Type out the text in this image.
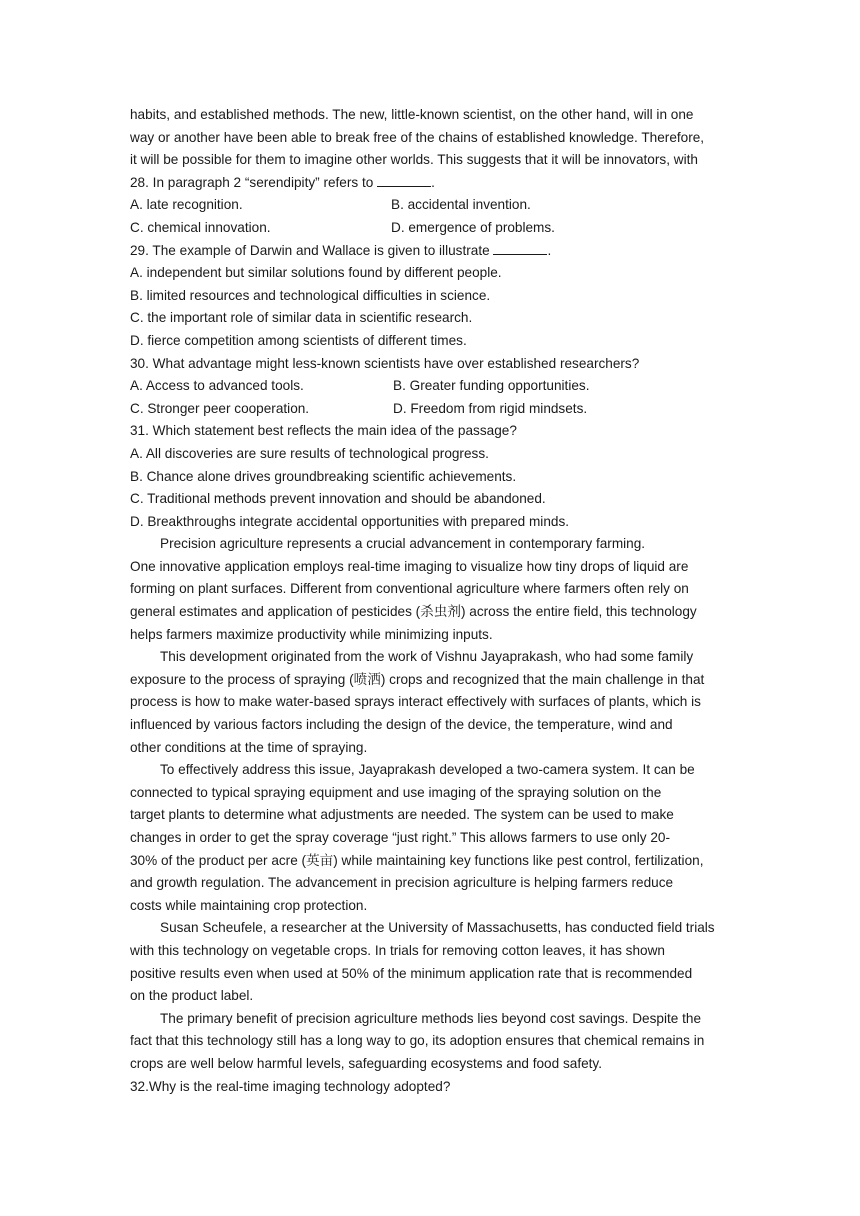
habits, and established methods. The new, little-known scientist, on the other hand, will in one
way or another have been able to break free of the chains of established knowledge. Therefore,
it will be possible for them to imagine other worlds. This suggests that it will be innovators, with
28. In paragraph 2 “serendipity” refers to	.
A. late recognition.	B. accidental invention.
C. chemical innovation.	D. emergence of problems.
29. The example of Darwin and Wallace is given to illustrate	.
A. independent but similar solutions found by different people.
B. limited resources and technological difficulties in science.
C. the important role of similar data in scientific research.
D. fierce competition among scientists of different times.
30. What advantage might less-known scientists have over established researchers?
A. Access to advanced tools.	B. Greater funding opportunities.
C. Stronger peer cooperation.	D. Freedom from rigid mindsets.
31. Which statement best reflects the main idea of the passage?
A. All discoveries are sure results of technological progress.
B. Chance alone drives groundbreaking scientific achievements.
C. Traditional methods prevent innovation and should be abandoned.
D. Breakthroughs integrate accidental opportunities with prepared minds.
Precision agriculture represents a crucial advancement in contemporary farming.
One innovative application employs real-time imaging to visualize how tiny drops of liquid are
forming on plant surfaces. Different from conventional agriculture where farmers often rely on
general estimates and application of pesticides (杀虫剂) across the entire field, this technology
helps farmers maximize productivity while minimizing inputs.
This development originated from the work of Vishnu Jayaprakash, who had some family
exposure to the process of spraying (喷洒) crops and recognized that the main challenge in that
process is how to make water-based sprays interact effectively with surfaces of plants, which is
influenced by various factors including the design of the device, the temperature, wind and
other conditions at the time of spraying.
To effectively address this issue, Jayaprakash developed a two-camera system. It can be
connected to typical spraying equipment and use imaging of the spraying solution on the
target plants to determine what adjustments are needed. The system can be used to make
changes in order to get the spray coverage “just right.” This allows farmers to use only 20-
30% of the product per acre (英亩) while maintaining key functions like pest control, fertilization,
and growth regulation. The advancement in precision agriculture is helping farmers reduce
costs while maintaining crop protection.
Susan Scheufele, a researcher at the University of Massachusetts, has conducted field trials
with this technology on vegetable crops. In trials for removing cotton leaves, it has shown
positive results even when used at 50% of the minimum application rate that is recommended
on the product label.
The primary benefit of precision agriculture methods lies beyond cost savings. Despite the
fact that this technology still has a long way to go, its adoption ensures that chemical remains in
crops are well below harmful levels, safeguarding ecosystems and food safety.
32.Why is the real-time imaging technology adopted?
